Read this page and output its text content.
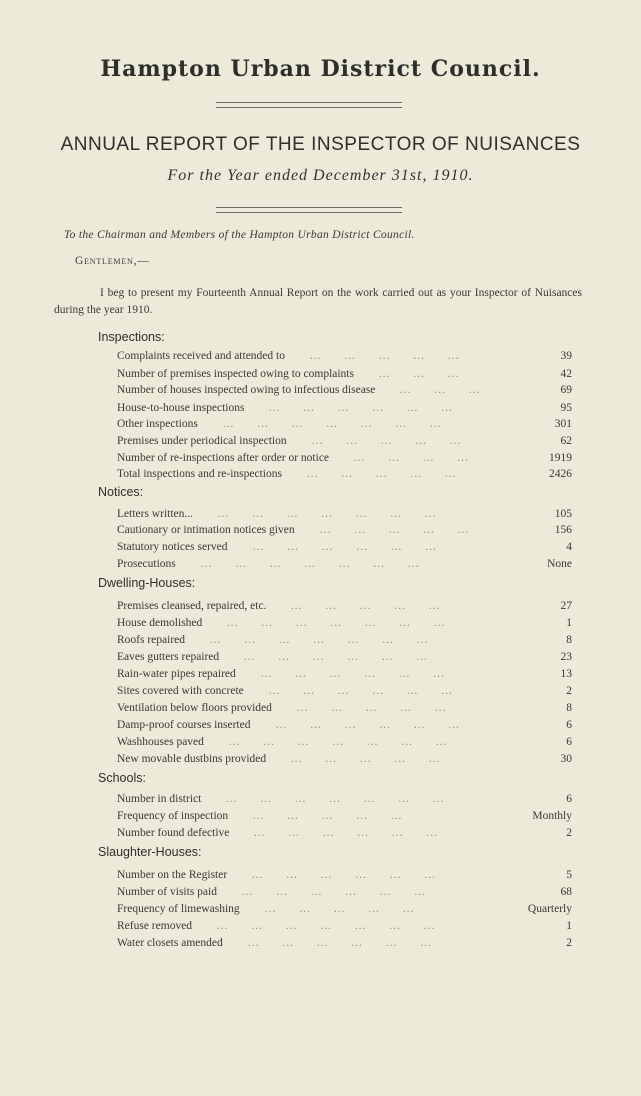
Hampton Urban District Council.
ANNUAL REPORT OF THE INSPECTOR OF NUISANCES
For the Year ended December 31st, 1910.
To the Chairman and Members of the Hampton Urban District Council.
Gentlemen,—
I beg to present my Fourteenth Annual Report on the work carried out as your Inspector of Nuisances during the year 1910.
Inspections:
Complaints received and attended to	39
…        …        …        …        …
Number of premises inspected owing to complaints	42
…        …        …
Number of houses inspected owing to infectious disease	69
…        …        …
House-to-house inspections	95
…        …        …        …        …        …
Other inspections	301
…        …        …        …        …        …        …
Premises under periodical inspection	62
…        …        …        …        …
Number of re-inspections after order or notice	1919
…        …        …        …
Total inspections and re-inspections	2426
…        …        …        …        …
Notices:
Letters written...	105
…        …        …        …        …        …        …
Cautionary or intimation notices given	156
…        …        …        …        …
Statutory notices served	4
…        …        …        …        …        …
Prosecutions	None
…        …        …        …        …        …        …
Dwelling-Houses:
Premises cleansed, repaired, etc.	27
…        …        …        …        …
House demolished	1
…        …        …        …        …        …        …
Roofs repaired	8
…        …        …        …        …        …        …
Eaves gutters repaired	23
…        …        …        …        …        …
Rain-water pipes repaired	13
…        …        …        …        …        …
Sites covered with concrete	2
…        …        …        …        …        …
Ventilation below floors provided	8
…        …        …        …        …
Damp-proof courses inserted	6
…        …        …        …        …        …
Washhouses paved	6
…        …        …        …        …        …        …
New movable dustbins provided	30
…        …        …        …        …
Schools:
Number in district	6
…        …        …        …        …        …        …
Frequency of inspection	Monthly
…        …        …        …        …
Number found defective	2
…        …        …        …        …        …
Slaughter-Houses:
Number on the Register	5
…        …        …        …        …        …
Number of visits paid	68
…        …        …        …        …        …
Frequency of limewashing	Quarterly
…        …        …        …        …
Refuse removed	1
…        …        …        …        …        …        …
Water closets amended	2
…        …        …        …        …        …
